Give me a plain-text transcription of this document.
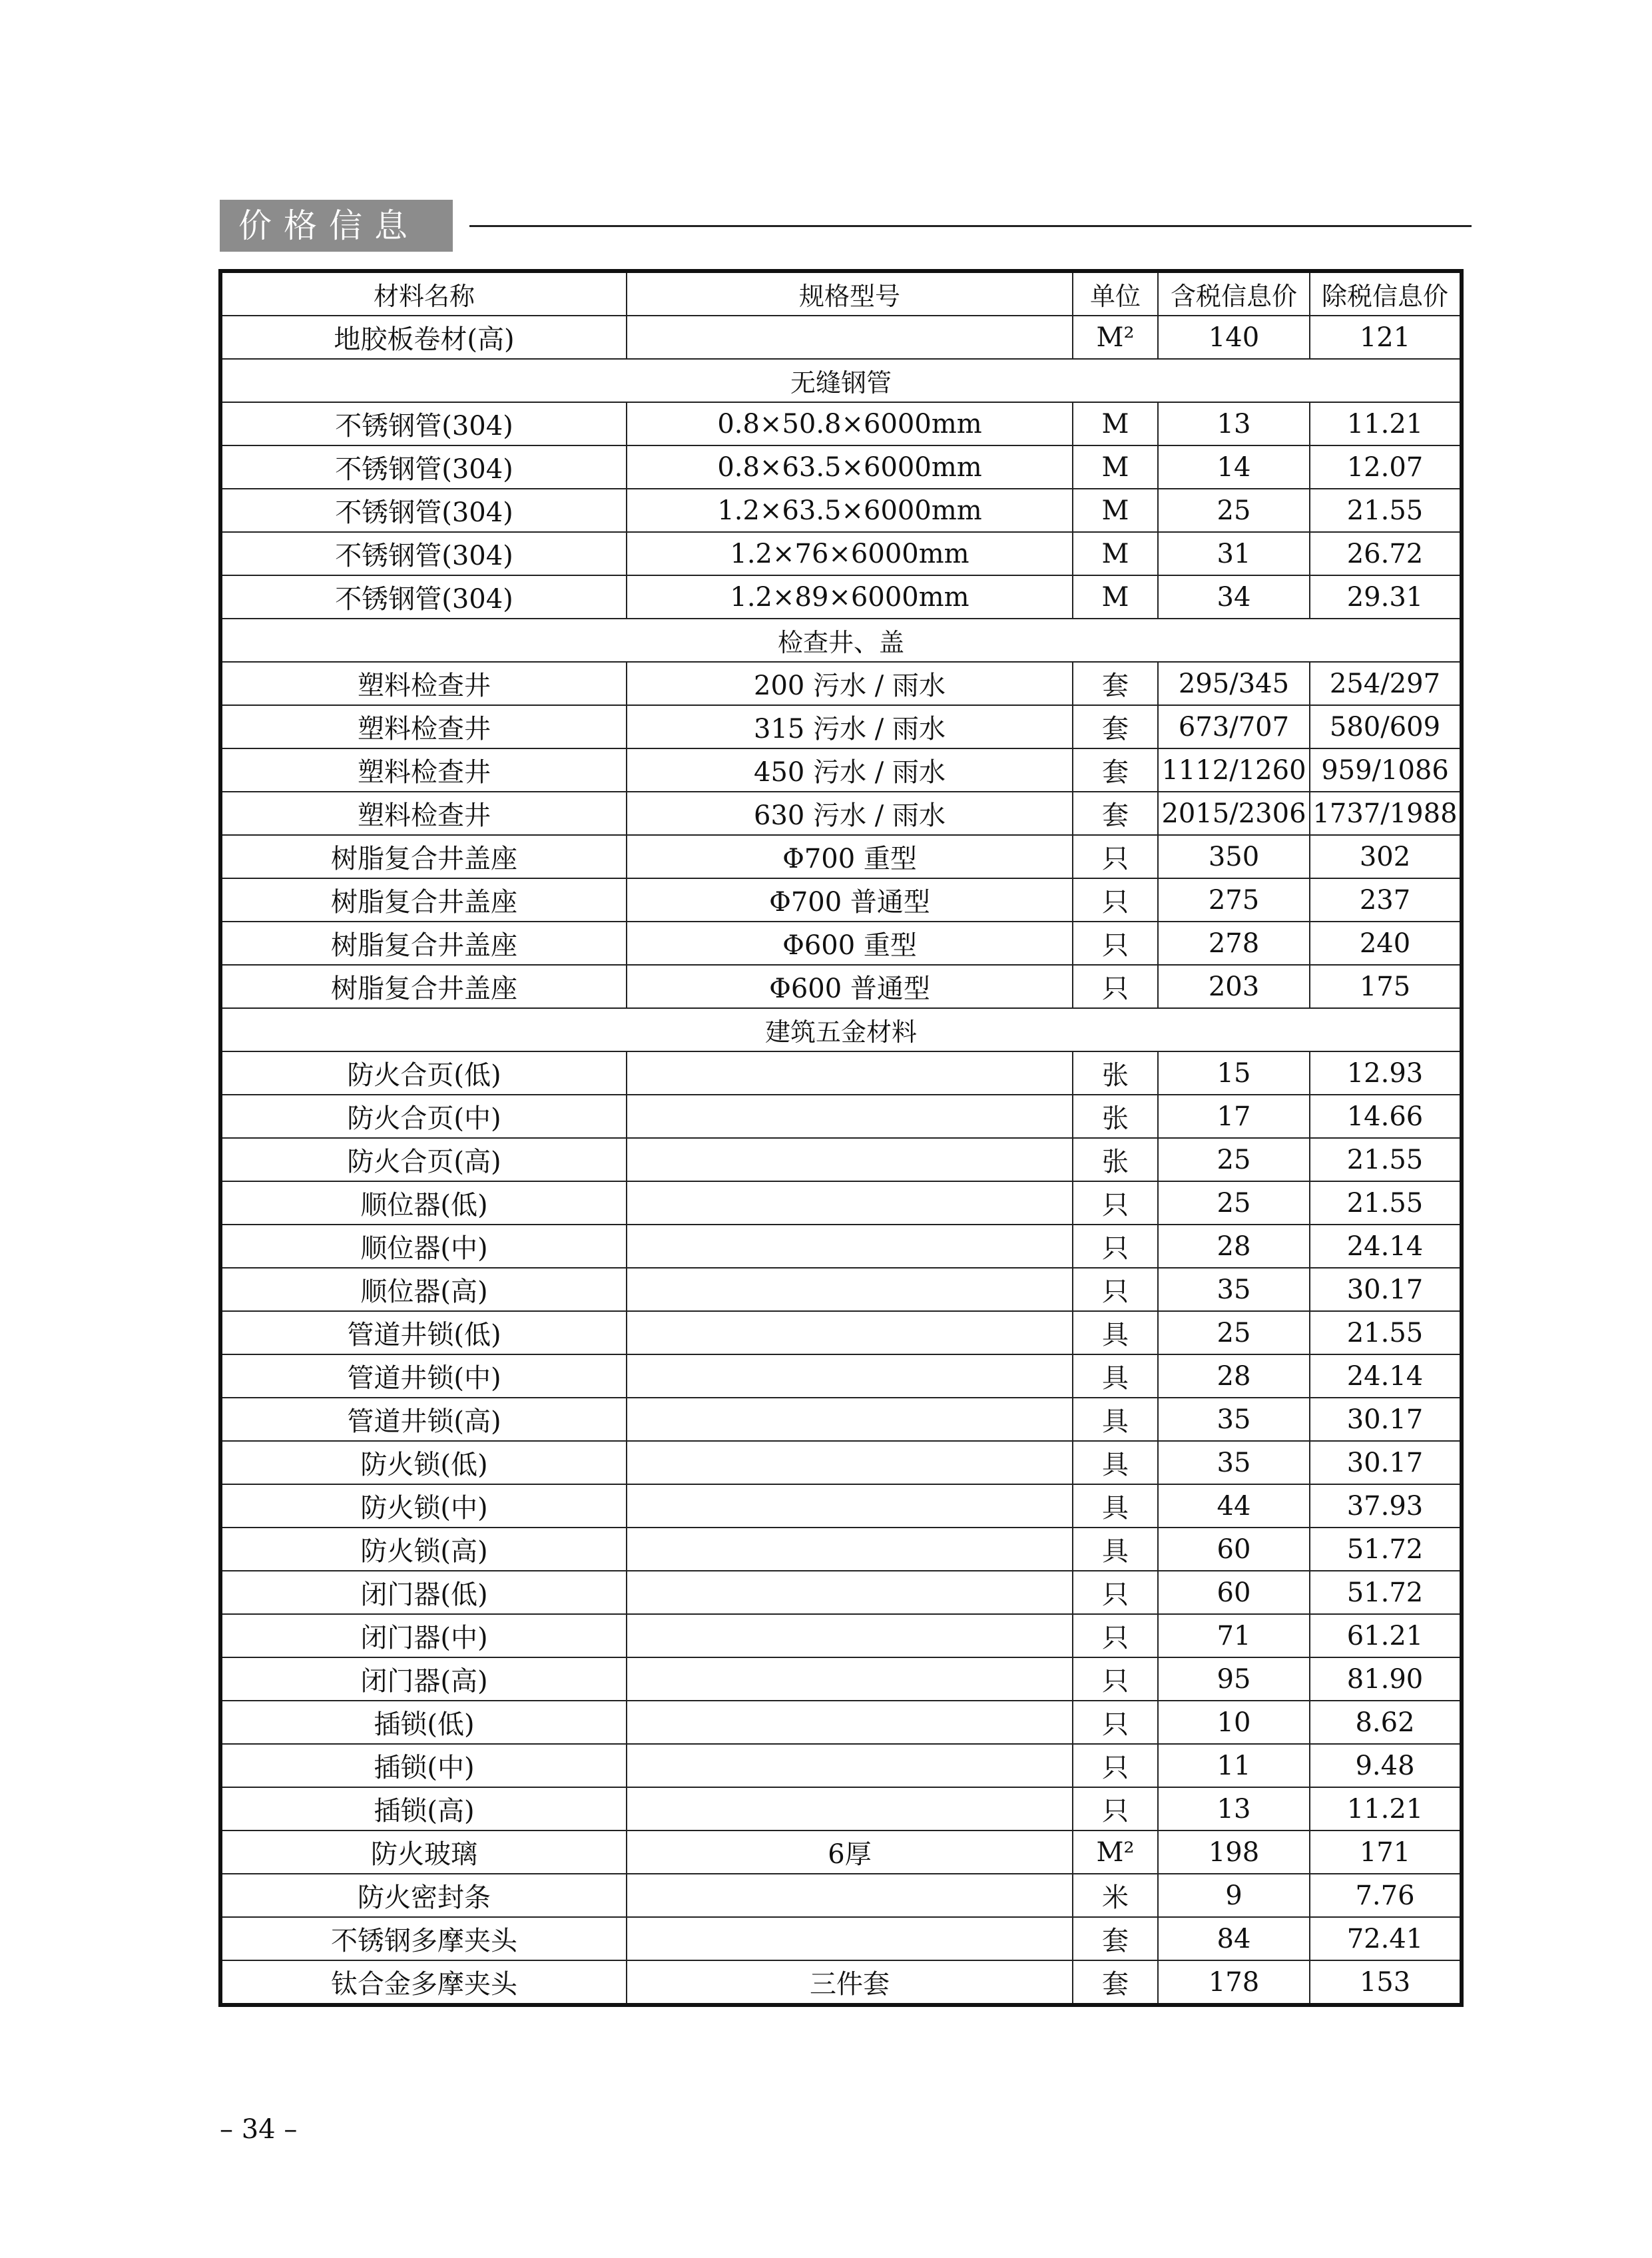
价格信息
材料名称	规格型号	单位	含税信息价	除税信息价
地胶板卷材(高)		M²	140	121
无缝钢管				
不锈钢管(304)	0.8×50.8×6000mm	M	13	11.21
不锈钢管(304)	0.8×63.5×6000mm	M	14	12.07
不锈钢管(304)	1.2×63.5×6000mm	M	25	21.55
不锈钢管(304)	1.2×76×6000mm	M	31	26.72
不锈钢管(304)	1.2×89×6000mm	M	34	29.31
检查井、盖				
塑料检查井	200 污水 / 雨水	套	295/345	254/297
塑料检查井	315 污水 / 雨水	套	673/707	580/609
塑料检查井	450 污水 / 雨水	套	1112/1260	959/1086
塑料检查井	630 污水 / 雨水	套	2015/2306	1737/1988
树脂复合井盖座	Φ700 重型	只	350	302
树脂复合井盖座	Φ700 普通型	只	275	237
树脂复合井盖座	Φ600 重型	只	278	240
树脂复合井盖座	Φ600 普通型	只	203	175
建筑五金材料				
防火合页(低)		张	15	12.93
防火合页(中)		张	17	14.66
防火合页(高)		张	25	21.55
顺位器(低)		只	25	21.55
顺位器(中)		只	28	24.14
顺位器(高)		只	35	30.17
管道井锁(低)		具	25	21.55
管道井锁(中)		具	28	24.14
管道井锁(高)		具	35	30.17
防火锁(低)		具	35	30.17
防火锁(中)		具	44	37.93
防火锁(高)		具	60	51.72
闭门器(低)		只	60	51.72
闭门器(中)		只	71	61.21
闭门器(高)		只	95	81.90
插锁(低)		只	10	8.62
插锁(中)		只	11	9.48
插锁(高)		只	13	11.21
防火玻璃	6厚	M²	198	171
防火密封条		米	9	7.76
不锈钢多摩夹头		套	84	72.41
钛合金多摩夹头	三件套	套	178	153
– 34 –
